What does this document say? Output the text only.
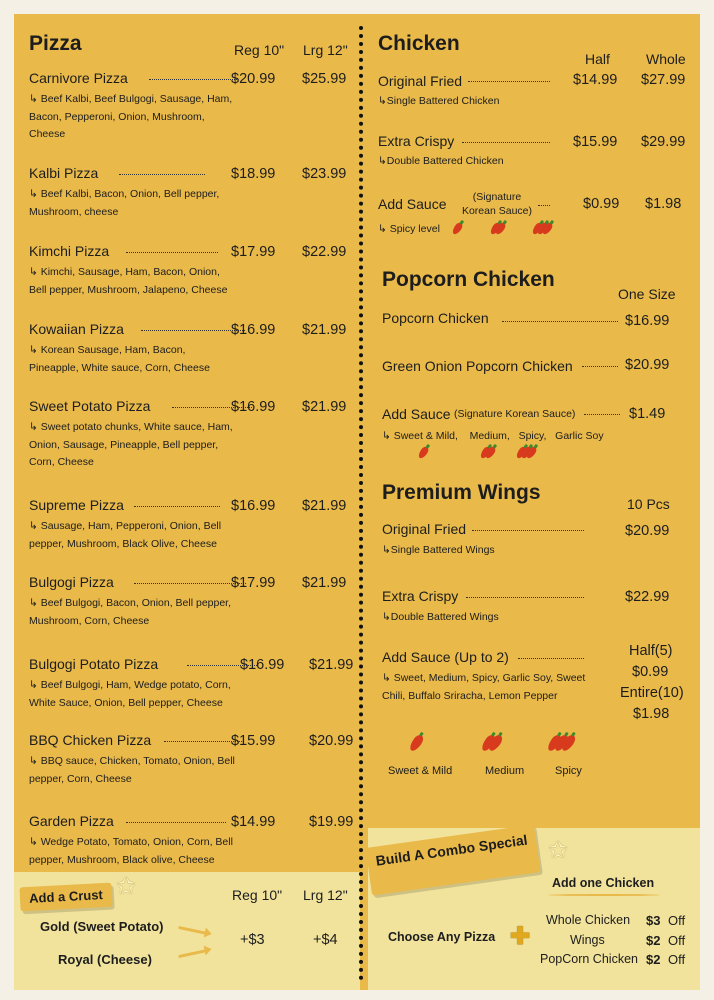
Pizza	Reg 10" Lrg 12"
Carnivore Pizza	$20.99 $25.99
↳ Beef Kalbi, Beef Bulgogi, Sausage, Ham, Bacon, Pepperoni, Onion, Mushroom, Cheese
Kalbi Pizza	$18.99 $23.99
↳ Beef Kalbi, Bacon, Onion, Bell pepper, Mushroom, cheese
Kimchi Pizza	$17.99 $22.99
↳ Kimchi, Sausage, Ham, Bacon, Onion, Bell pepper, Mushroom, Jalapeno, Cheese
Kowaiian Pizza	$16.99 $21.99
↳ Korean Sausage, Ham, Bacon, Pineapple, White sauce, Corn, Cheese
Sweet Potato Pizza	$16.99 $21.99
↳ Sweet potato chunks, White sauce, Ham, Onion, Sausage, Pineapple, Bell pepper, Corn, Cheese
Supreme Pizza	$16.99 $21.99
↳ Sausage, Ham, Pepperoni, Onion, Bell pepper, Mushroom, Black Olive, Cheese
Bulgogi Pizza	$17.99 $21.99
↳ Beef Bulgogi, Bacon, Onion, Bell pepper, Mushroom, Corn, Cheese
Bulgogi Potato Pizza	$16.99 $21.99
↳ Beef Bulgogi, Ham, Wedge potato, Corn, White Sauce, Onion, Bell pepper, Cheese
BBQ Chicken Pizza	$15.99 $20.99
↳ BBQ sauce, Chicken, Tomato, Onion, Bell pepper, Corn, Cheese
Garden Pizza	$14.99 $19.99
↳ Wedge Potato, Tomato, Onion, Corn, Bell pepper, Mushroom, Black olive, Cheese
Add a Crust ✩	Reg 10" Lrg 12"
Gold (Sweet Potato)
Royal (Cheese)
+$3	+$4
Chicken
Half	Whole
Original Fried	$14.99 $27.99
↳Single Battered Chicken
Extra Crispy	$15.99 $29.99
↳Double Battered Chicken
Add Sauce	(Signature Korean Sauce)	$0.99 $1.98
↳ Spicy level
Popcorn Chicken
One Size
Popcorn Chicken	$16.99
Green Onion Popcorn Chicken	$20.99
Add Sauce (Signature Korean Sauce)	$1.49
↳ Sweet & Mild,    Medium,   Spicy,   Garlic Soy
Premium Wings	10 Pcs
Original Fried	$20.99
↳Single Battered Wings
Extra Crispy	$22.99
↳Double Battered Wings
Add Sauce (Up to 2)
↳ Sweet, Medium, Spicy, Garlic Soy, Sweet Chili, Buffalo Sriracha, Lemon Pepper
Half(5)
$0.99
Entire(10)
$1.98
Sweet & Mild	Medium	Spicy
Build A Combo Special ✩
Add one Chicken
Choose Any Pizza ✚
Whole Chicken $3 Off
Wings	$2 Off
PopCorn Chicken $2 Off
